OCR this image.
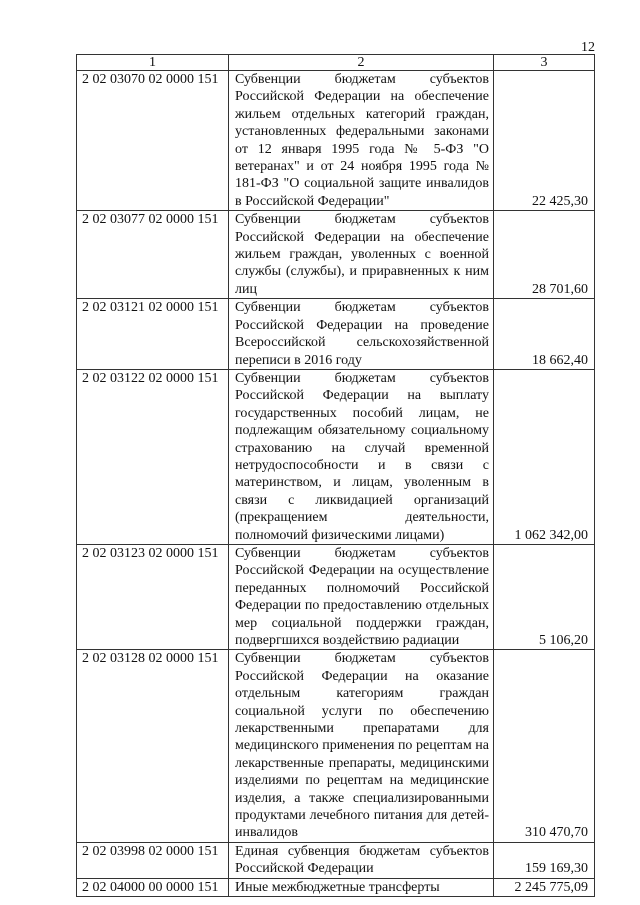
12
1	2	3
2 02 03070 02 0000 151	Субвенции бюджетам субъектов Российской Федерации на обеспечение жильем отдельных категорий граждан, установленных федеральными законами от 12 января 1995 года № 5-ФЗ "О ветеранах" и от 24 ноября 1995 года № 181-ФЗ "О социальной защите инвалидов в Российской Федерации"	22 425,30
2 02 03077 02 0000 151	Субвенции бюджетам субъектов Российской Федерации на обеспечение жильем граждан, уволенных с военной службы (службы), и приравненных к ним лиц	28 701,60
2 02 03121 02 0000 151	Субвенции бюджетам субъектов Российской Федерации на проведение Всероссийской сельскохозяйственной переписи в 2016 году	18 662,40
2 02 03122 02 0000 151	Субвенции бюджетам субъектов Российской Федерации на выплату государственных пособий лицам, не подлежащим обязательному социальному страхованию на случай временной нетрудоспособности и в связи с материнством, и лицам, уволенным в связи с ликвидацией организаций (прекращением деятельности, полномочий физическими лицами)	1 062 342,00
2 02 03123 02 0000 151	Субвенции бюджетам субъектов Российской Федерации на осуществление переданных полномочий Российской Федерации по предоставлению отдельных мер социальной поддержки граждан, подвергшихся воздействию радиации	5 106,20
2 02 03128 02 0000 151	Субвенции бюджетам субъектов Российской Федерации на оказание отдельным категориям граждан социальной услуги по обеспечению лекарственными препаратами для медицинского применения по рецептам на лекарственные препараты, медицинскими изделиями по рецептам на медицинские изделия, а также специализированными продуктами лечебного питания для детей-инвалидов	310 470,70
2 02 03998 02 0000 151	Единая субвенция бюджетам субъектов Российской Федерации	159 169,30
2 02 04000 00 0000 151	Иные межбюджетные трансферты	2 245 775,09
